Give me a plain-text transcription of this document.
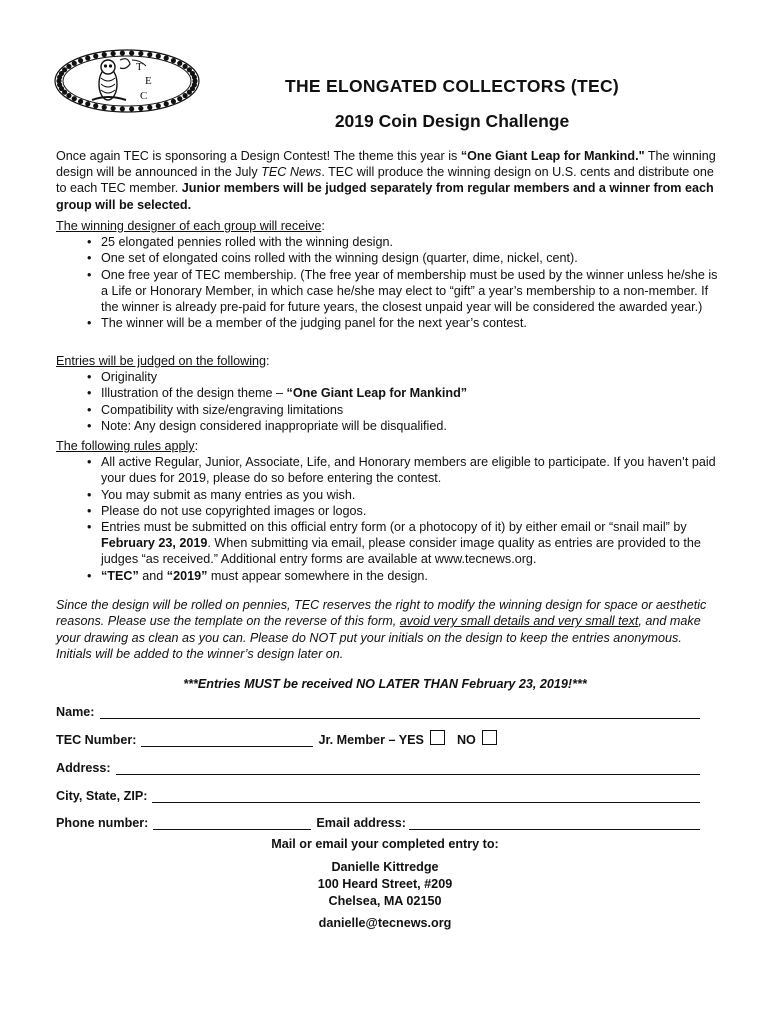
T
E
C	THE ELONGATED COLLECTORS (TEC)
2019 Coin Design Challenge
Once again TEC is sponsoring a Design Contest! The theme this year is “One Giant Leap for Mankind." The winning design will be announced in the July TEC News. TEC will produce the winning design on U.S. cents and distribute one to each TEC member. Junior members will be judged separately from regular members and a winner from each group will be selected.
The winning designer of each group will receive:
• 25 elongated pennies rolled with the winning design.
• One set of elongated coins rolled with the winning design (quarter, dime, nickel, cent).
• One free year of TEC membership. (The free year of membership must be used by the winner unless he/she is a Life or Honorary Member, in which case he/she may elect to “gift” a year’s membership to a non-member. If the winner is already pre-paid for future years, the closest unpaid year will be considered the awarded year.)
• The winner will be a member of the judging panel for the next year’s contest.
Entries will be judged on the following:
• Originality
• Illustration of the design theme – “One Giant Leap for Mankind”
• Compatibility with size/engraving limitations
• Note: Any design considered inappropriate will be disqualified.
The following rules apply:
• All active Regular, Junior, Associate, Life, and Honorary members are eligible to participate. If you haven’t paid your dues for 2019, please do so before entering the contest.
• You may submit as many entries as you wish.
• Please do not use copyrighted images or logos.
• Entries must be submitted on this official entry form (or a photocopy of it) by either email or “snail mail” by February 23, 2019. When submitting via email, please consider image quality as entries are provided to the judges “as received.” Additional entry forms are available at www.tecnews.org.
• “TEC” and “2019” must appear somewhere in the design.
Since the design will be rolled on pennies, TEC reserves the right to modify the winning design for space or aesthetic reasons. Please use the template on the reverse of this form, avoid very small details and very small text, and make your drawing as clean as you can. Please do NOT put your initials on the design to keep the entries anonymous. Initials will be added to the winner’s design later on.
***Entries MUST be received NO LATER THAN February 23, 2019!***
Name:
TEC Number:	Jr. Member – YES	NO
Address:
City, State, ZIP:
Phone number:	Email address:
Mail or email your completed entry to:
Danielle Kittredge
100 Heard Street, #209
Chelsea, MA 02150
danielle@tecnews.org
